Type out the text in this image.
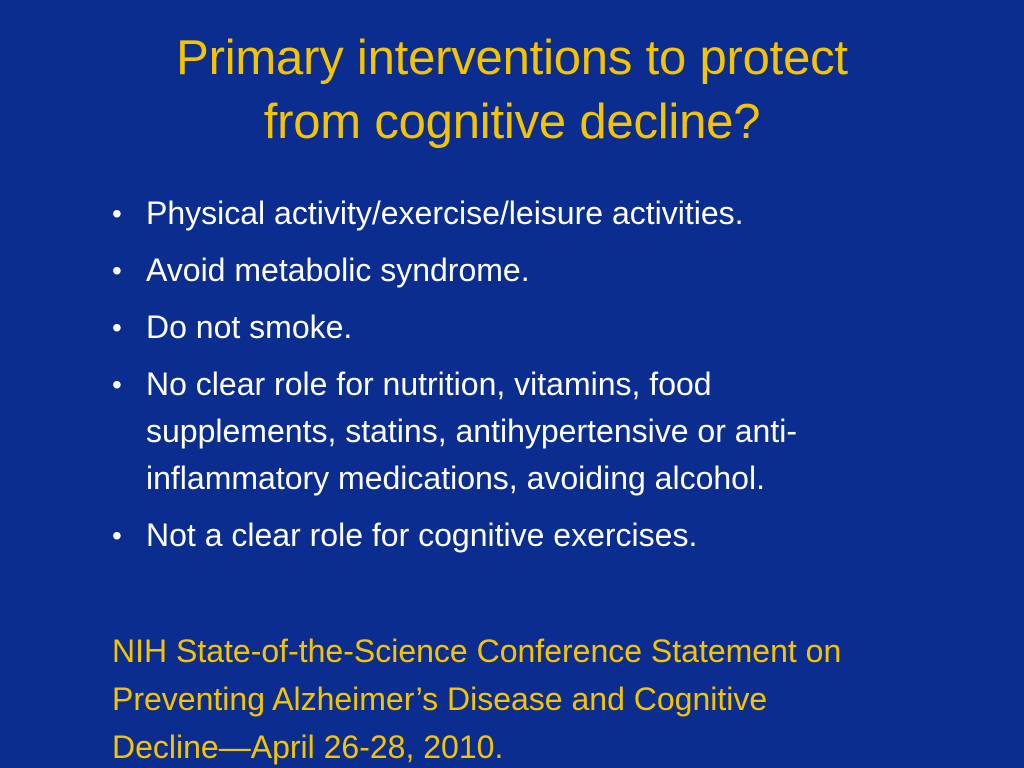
Primary interventions to protect
from cognitive decline?
• Physical activity/exercise/leisure activities.
• Avoid metabolic syndrome.
• Do not smoke.
• No clear role for nutrition, vitamins, food
supplements, statins, antihypertensive or anti-
inflammatory medications, avoiding alcohol.
• Not a clear role for cognitive exercises.

NIH State-of-the-Science Conference Statement on
Preventing Alzheimer’s Disease and Cognitive
Decline—April 26-28, 2010.
